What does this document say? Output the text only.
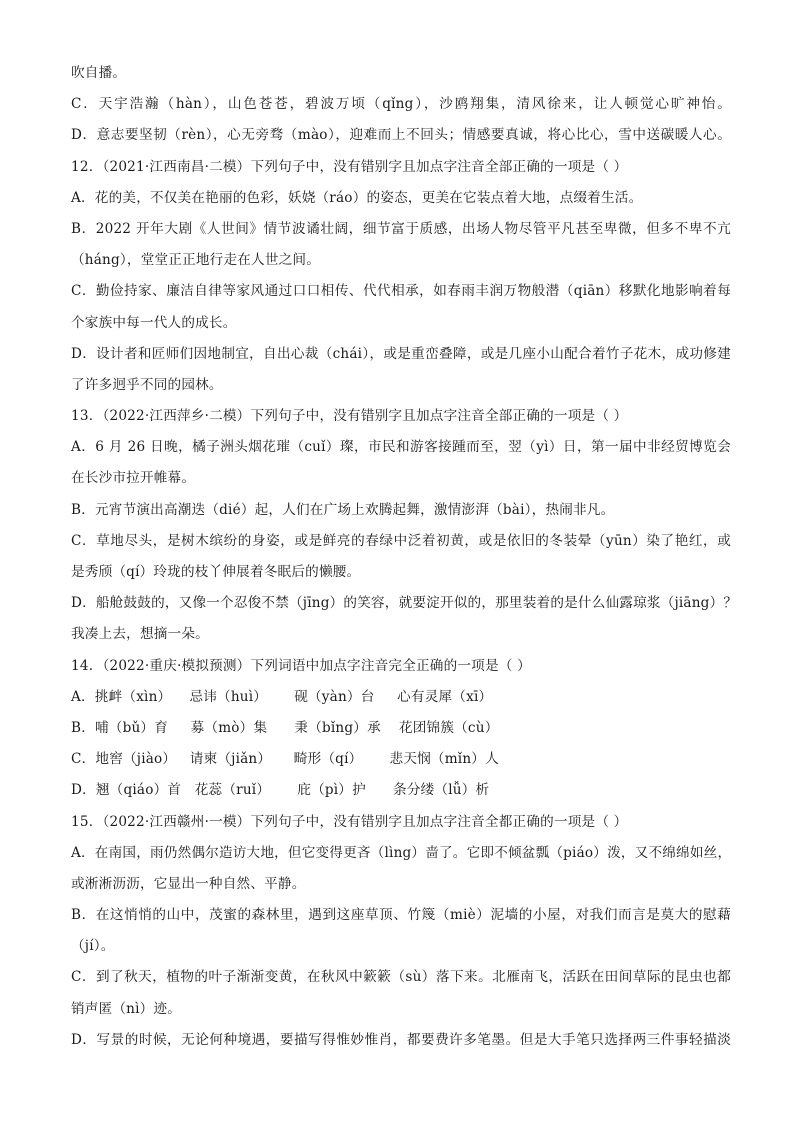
吹自播。
C．天宇浩瀚（hàn），山色苍苍，碧波万顷（qǐng），沙鸥翔集，清风徐来，让人顿觉心旷神怡。
D．意志要坚韧（rèn），心无旁骛（mào），迎难而上不回头；情感要真诚，将心比心，雪中送碳暖人心。
12．（2021·江西南昌·二模）下列句子中，没有错别字且加点字注音全部正确的一项是（ ）
A．花的美，不仅美在艳丽的色彩，妖娆（ráo）的姿态，更美在它装点着大地，点缀着生活。
B．2022 开年大剧《人世间》情节波谲壮阔，细节富于质感，出场人物尽管平凡甚至卑微，但多不卑不亢
（háng），堂堂正正地行走在人世之间。
C．勤俭持家、廉洁自律等家风通过口口相传、代代相承，如春雨丰润万物般潜（qiān）移默化地影响着每
个家族中每一代人的成长。
D．设计者和匠师们因地制宜，自出心裁（chái），或是重峦叠障，或是几座小山配合着竹子花木，成功修建
了许多迥乎不同的园林。
13．（2022·江西萍乡·二模）下列句子中，没有错别字且加点字注音全部正确的一项是（ ）
A．6 月 26 日晚，橘子洲头烟花璀（cuǐ）璨，市民和游客接踵而至，翌（yì）日，第一届中非经贸博览会
在长沙市拉开帷幕。
B．元宵节演出高潮迭（dié）起，人们在广场上欢腾起舞，激情澎湃（bài），热闹非凡。
C．草地尽头，是树木缤纷的身姿，或是鲜亮的春绿中泛着初黄，或是依旧的冬装晕（yūn）染了艳红，或
是秀颀（qí）玲珑的枝丫伸展着冬眠后的懒腰。
D．船舱鼓鼓的，又像一个忍俊不禁（jīng）的笑容，就要淀开似的，那里装着的是什么仙露琼浆（jiāng）？
我凑上去，想摘一朵。
14．（2022·重庆·模拟预测）下列词语中加点字注音完全正确的一项是（ ）
A．挑衅（xìn）    忌讳（huì）      砚（yàn）台     心有灵犀（xī）
B．哺（bǔ）育     募（mò）集      秉（bǐng）承    花团锦簇（cù）
C．地窖（jiào）   请柬（jiǎn）     畸形（qí）      悲天悯（mǐn）人
D．翘（qiáo）首   花蕊（ruǐ）      庇（pì）护      条分缕（lǚ）析
15．（2022·江西赣州·一模）下列句子中，没有错别字且加点字注音全都正确的一项是（ ）
A．在南国，雨仍然偶尔造访大地，但它变得更吝（lìng）啬了。它即不倾盆瓢（piáo）泼，又不绵绵如丝，
或淅淅沥沥，它显出一种自然、平静。
B．在这悄悄的山中，茂蜜的森林里，遇到这座草顶、竹篾（miè）泥墙的小屋，对我们而言是莫大的慰藉
（jí）。
C．到了秋天，植物的叶子渐渐变黄，在秋风中簌簌（sù）落下来。北雁南飞，活跃在田间草际的昆虫也都
销声匿（nì）迹。
D．写景的时候，无论何种境遇，要描写得惟妙惟肖，都要费许多笔墨。但是大手笔只选择两三件事轻描淡
